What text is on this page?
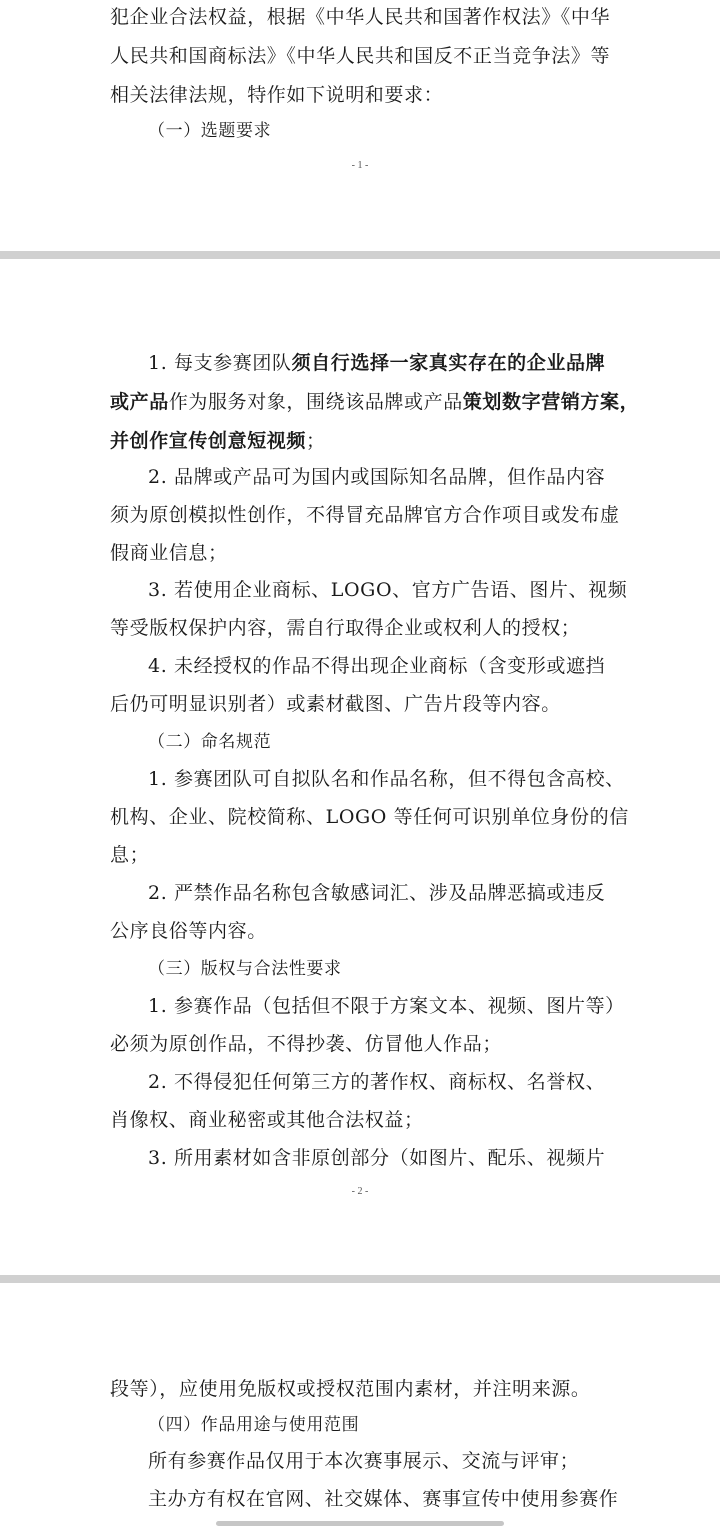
犯企业合法权益，根据《中华人民共和国著作权法》《中华
人民共和国商标法》《中华人民共和国反不正当竞争法》等
相关法律法规，特作如下说明和要求：
（一）选题要求
- 1 -
1. 每支参赛团队须自行选择一家真实存在的企业品牌
或产品作为服务对象，围绕该品牌或产品策划数字营销方案，
并创作宣传创意短视频；
2. 品牌或产品可为国内或国际知名品牌，但作品内容
须为原创模拟性创作，不得冒充品牌官方合作项目或发布虚
假商业信息；
3. 若使用企业商标、LOGO、官方广告语、图片、视频
等受版权保护内容，需自行取得企业或权利人的授权；
4. 未经授权的作品不得出现企业商标（含变形或遮挡
后仍可明显识别者）或素材截图、广告片段等内容。
（二）命名规范
1. 参赛团队可自拟队名和作品名称，但不得包含高校、
机构、企业、院校简称、LOGO 等任何可识别单位身份的信
息；
2. 严禁作品名称包含敏感词汇、涉及品牌恶搞或违反
公序良俗等内容。
（三）版权与合法性要求
1. 参赛作品（包括但不限于方案文本、视频、图片等）
必须为原创作品，不得抄袭、仿冒他人作品；
2. 不得侵犯任何第三方的著作权、商标权、名誉权、
肖像权、商业秘密或其他合法权益；
3. 所用素材如含非原创部分（如图片、配乐、视频片
- 2 -
段等），应使用免版权或授权范围内素材，并注明来源。
（四）作品用途与使用范围
所有参赛作品仅用于本次赛事展示、交流与评审；
主办方有权在官网、社交媒体、赛事宣传中使用参赛作
